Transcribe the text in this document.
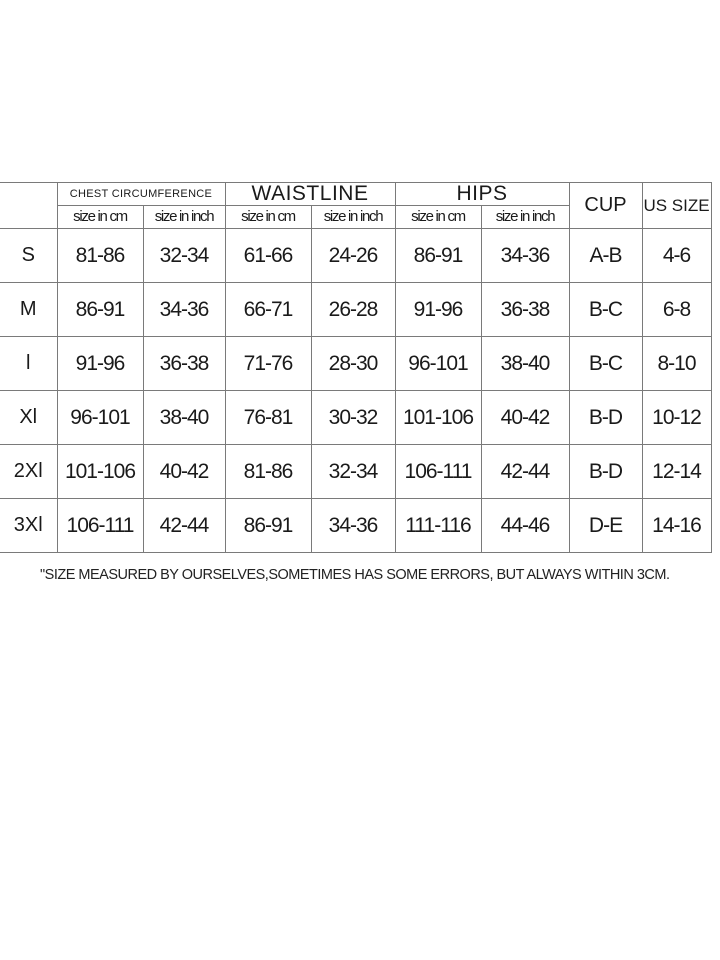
	CHEST CIRCUMFERENCE		WAISTLINE		HIPS		CUP	US SIZE
	size in cm	size in inch	size in cm	size in inch	size in cm	size in inch		
S	81-86	32-34	61-66	24-26	86-91	34-36	A-B	4-6
M	86-91	34-36	66-71	26-28	91-96	36-38	B-C	6-8
l	91-96	36-38	71-76	28-30	96-101	38-40	B-C	8-10
Xl	96-101	38-40	76-81	30-32	101-106	40-42	B-D	10-12
2Xl	101-106	40-42	81-86	32-34	106-111	42-44	B-D	12-14
3Xl	106-111	42-44	86-91	34-36	111-116	44-46	D-E	14-16
"SIZE MEASURED BY OURSELVES,SOMETIMES HAS SOME ERRORS, BUT ALWAYS WITHIN 3CM.
